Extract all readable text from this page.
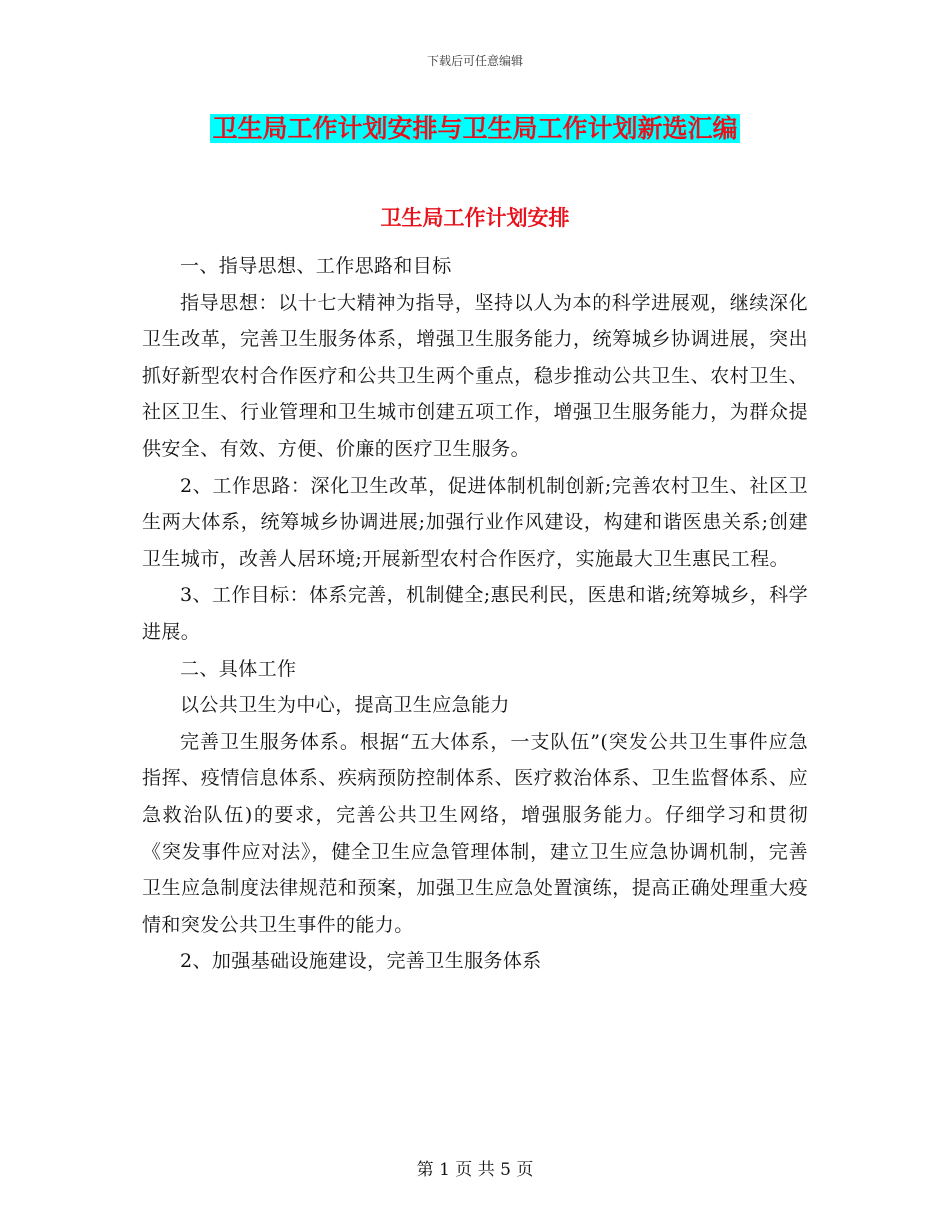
下载后可任意编辑
卫生局工作计划安排与卫生局工作计划新选汇编
卫生局工作计划安排

一、指导思想、工作思路和目标

指导思想：以十七大精神为指导，坚持以人为本的科学进展观，继续深化卫生改革，完善卫生服务体系，增强卫生服务能力，统筹城乡协调进展，突出抓好新型农村合作医疗和公共卫生两个重点，稳步推动公共卫生、农村卫生、社区卫生、行业管理和卫生城市创建五项工作，增强卫生服务能力，为群众提供安全、有效、方便、价廉的医疗卫生服务。

2、工作思路：深化卫生改革，促进体制机制创新;完善农村卫生、社区卫生两大体系，统筹城乡协调进展;加强行业作风建设，构建和谐医患关系;创建卫生城市，改善人居环境;开展新型农村合作医疗，实施最大卫生惠民工程。

3、工作目标：体系完善，机制健全;惠民利民，医患和谐;统筹城乡，科学进展。

二、具体工作

以公共卫生为中心，提高卫生应急能力

完善卫生服务体系。根据“五大体系，一支队伍”(突发公共卫生事件应急指挥、疫情信息体系、疾病预防控制体系、医疗救治体系、卫生监督体系、应急救治队伍)的要求，完善公共卫生网络，增强服务能力。仔细学习和贯彻《突发事件应对法》，健全卫生应急管理体制，建立卫生应急协调机制，完善卫生应急制度法律规范和预案，加强卫生应急处置演练，提高正确处理重大疫情和突发公共卫生事件的能力。

2、加强基础设施建设，完善卫生服务体系

第 1 页 共 5 页
